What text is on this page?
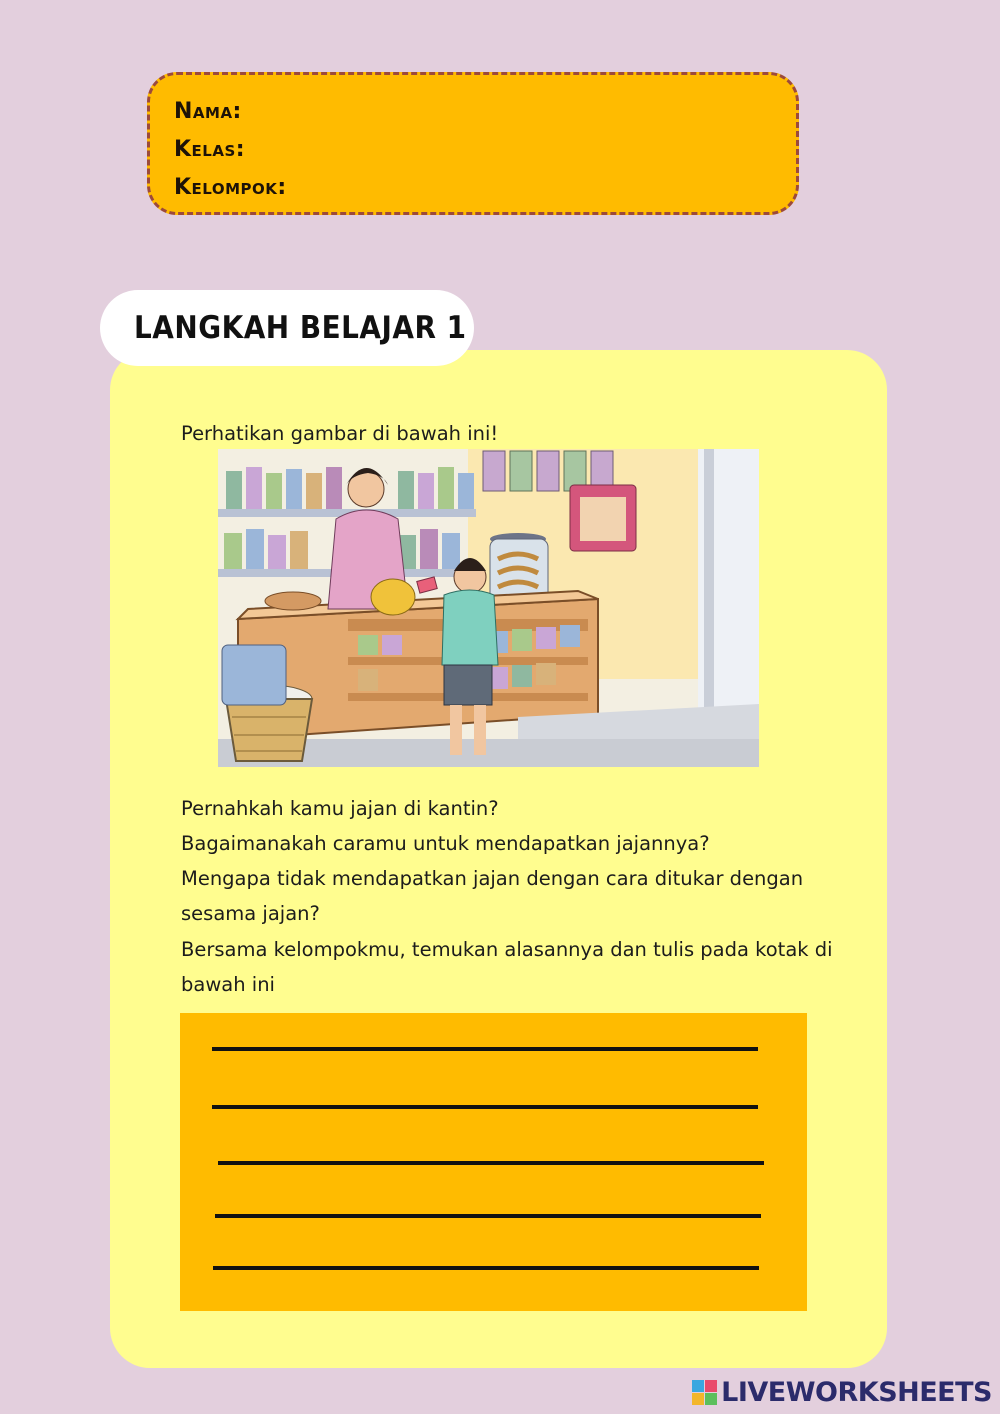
Nama:
Kelas:
Kelompok:
LANGKAH BELAJAR 1
Perhatikan gambar di bawah ini!
Pernahkah kamu jajan di kantin?
Bagaimanakah caramu untuk mendapatkan jajannya?
Mengapa tidak mendapatkan jajan dengan cara ditukar dengan sesama jajan?
Bersama kelompokmu, temukan alasannya dan tulis pada kotak di bawah ini
LIVEWORKSHEETS
